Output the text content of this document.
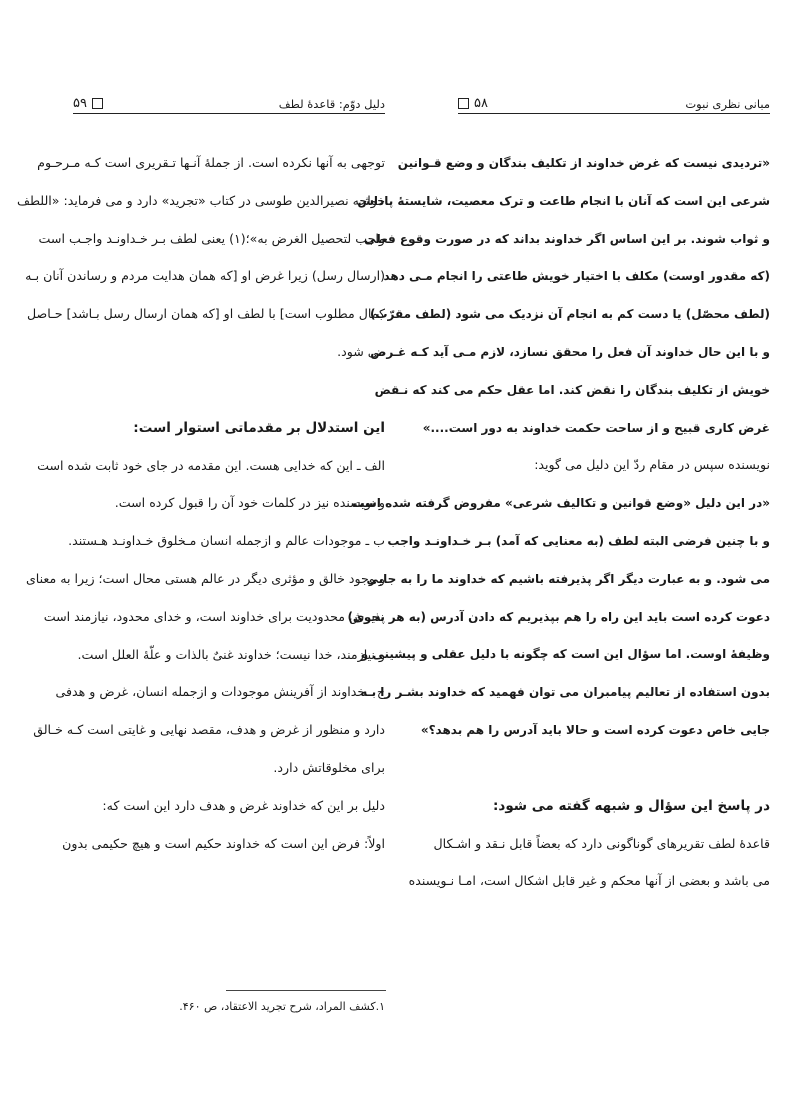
۵۸	مبانی نظری نبوت
۵۹	دلیل دوّم: قاعدهٔ لطف
«تردیدی نیست که غرض خداوند از تکلیف بندگان و وضع قـوانین
شرعی این است که آنان با انجام طاعت و ترک معصیت، شایستهٔ پاداش
و ثواب شوند. بر این اساس اگر خداوند بداند که در صورت وقوع فعلی
(که مقدور اوست) مکلف با اختیار خویش طاعتی را انجام مـی دهد
(لطف محصّل) یا دست کم به انجام آن نزدیک می شود (لطف مقرّب)
و با این حال خداوند آن فعل را محقق نسازد، لازم مـی آید کـه غـرض
خویش از تکلیف بندگان را نقض کند. اما عقل حکم می کند که نـقض
غرض کاری قبیح و از ساحت حکمت خداوند به دور است....»
نویسنده سپس در مقام ردّ این دلیل می گوید:
«در این دلیل «وضع قوانین و تکالیف شرعی» مفروض گرفته شده است
و با چنین فرضی البته لطف (به معنایی که آمد) بـر خـداونـد واجب
می شود. و به عبارت دیگر اگر پذیرفته باشیم که خداوند ما را به جایی
دعوت کرده است باید این راه را هم بپذیریم که دادن آدرس (به هر نحوی)
وظیفهٔ اوست. اما سؤال این است که چگونه با دلیل عقلی و پیشینی و
بدون استفاده از تعالیم پیامبران می توان فهمید که خداوند بشـر را بـه
جایی خاص دعوت کرده است و حالا باید آدرس را هم بدهد؟»
در پاسخ این سؤال و شبهه گفته می شود:
قاعدهٔ لطف تقریرهای گوناگونی دارد که بعضاً قابل نـقد و اشـکال
می باشد و بعضی از آنها محکم و غیر قابل اشکال است، امـا نـویسنده
توجهی به آنها نکرده است. از جملهٔ آنـها تـقریری است کـه مـرحـوم
خواجه نصیرالدین طوسی در کتاب «تجرید» دارد و می فرماید: «اللطف
واجب لتحصیل الغرض به»؛(۱) یعنی لطف بـر خـداونـد واجـب است
(ارسال رسل) زیرا غرض او [که همان هدایت مردم و رساندن آنان بـه
کمال مطلوب است] با لطف او [که همان ارسال رسل بـاشد] حـاصل
می شود.
این استدلال بر مقدماتی استوار است:
الف ـ این که خدایی هست. این مقدمه در جای خود ثابت شده است
و نویسنده نیز در کلمات خود آن را قبول کرده است.
ب ـ موجودات عالم و ازجمله انسان مـخلوق خـداونـد هـستند.
و وجود خالق و مؤثری دیگر در عالم هستی محال است؛ زیرا به معنای
پذیرش محدودیت برای خداوند است، و خدای محدود، نیازمند است
و نیازمند، خدا نیست؛ خداوند غنیٌ بالذات و علّهٔ العلل است.
ج ـ خداوند از آفرینش موجودات و ازجمله انسان، غرض و هدفی
دارد و منظور از غرض و هدف، مقصد نهایی و غایتی است کـه خـالق
برای مخلوقاتش دارد.
دلیل بر این که خداوند غرض و هدف دارد این است که:
اولاً: فرض این است که خداوند حکیم است و هیچ حکیمی بدون
۱.کشف المراد، شرح تجرید الاعتقاد، ص ۴۶۰.
